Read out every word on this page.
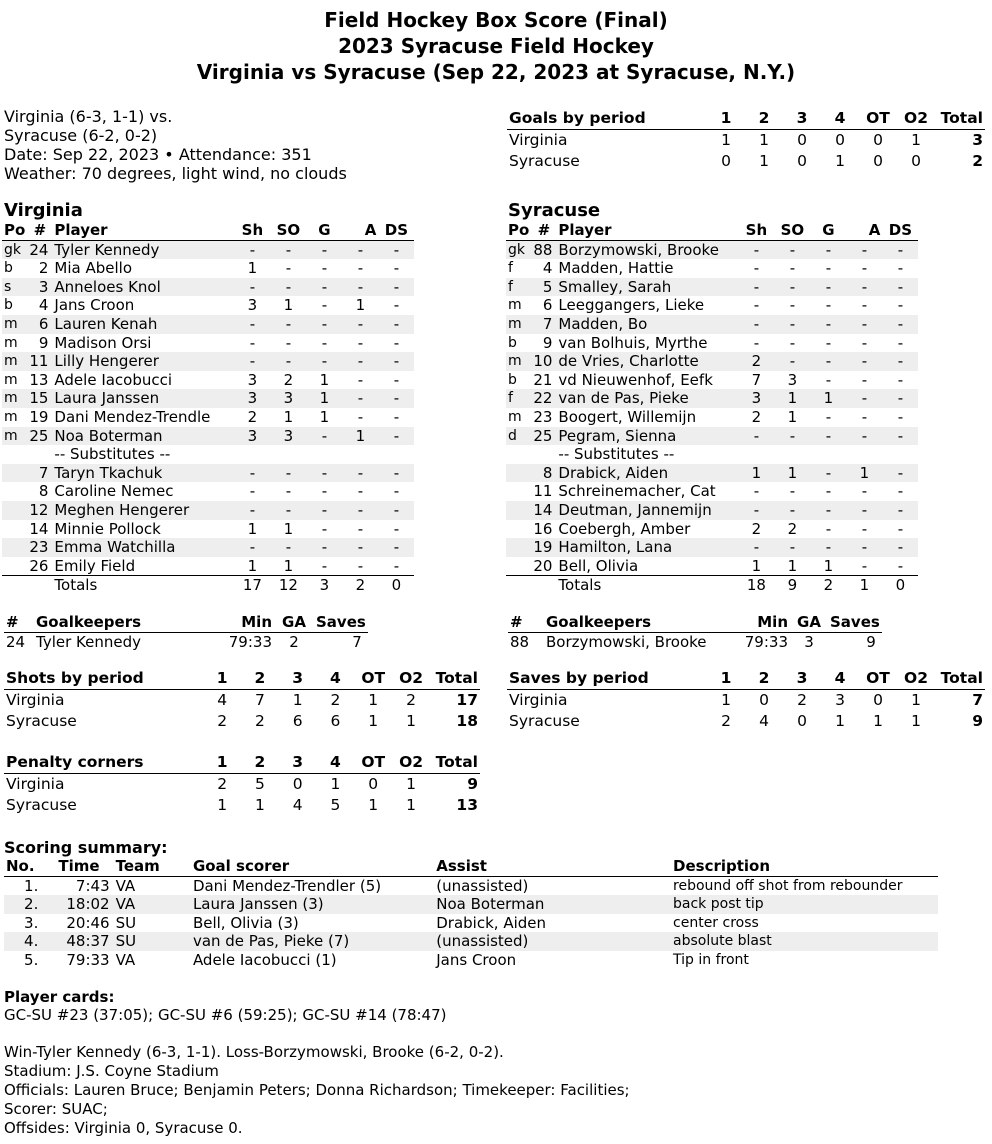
Field Hockey Box Score (Final)
2023 Syracuse Field Hockey
Virginia vs Syracuse (Sep 22, 2023 at Syracuse, N.Y.)
Virginia (6-3, 1-1) vs.
Syracuse (6-2, 0-2)
Date: Sep 22, 2023 • Attendance: 351
Weather: 70 degrees, light wind, no clouds
Goals by period	1	2	3	4	OT	O2	Total
Virginia	1	1	0	0	0	1	3
Syracuse	0	1	0	1	0	0	2
Shots by period	1	2	3	4	OT	O2	Total
Virginia	4	7	1	2	1	2	17
Syracuse	2	2	6	6	1	1	18
Saves by period	1	2	3	4	OT	O2	Total
Virginia	1	0	2	3	0	1	7
Syracuse	2	4	0	1	1	1	9
Penalty corners	1	2	3	4	OT	O2	Total
Virginia	2	5	0	1	0	1	9
Syracuse	1	1	4	5	1	1	13
Virginia	Syracuse
Po	#	Player	Sh	SO	G	A	DS
gk	24	Tyler Kennedy	-	-	-	-	-
b	2	Mia Abello	1	-	-	-	-
s	3	Anneloes Knol	-	-	-	-	-
b	4	Jans Croon	3	1	-	1	-
m	6	Lauren Kenah	-	-	-	-	-
m	9	Madison Orsi	-	-	-	-	-
m	11	Lilly Hengerer	-	-	-	-	-
m	13	Adele Iacobucci	3	2	1	-	-
m	15	Laura Janssen	3	3	1	-	-
m	19	Dani Mendez-Trendle	2	1	1	-	-
m	25	Noa Boterman	3	3	-	1	-
		-- Substitutes --					
	7	Taryn Tkachuk	-	-	-	-	-
	8	Caroline Nemec	-	-	-	-	-
	12	Meghen Hengerer	-	-	-	-	-
	14	Minnie Pollock	1	1	-	-	-
	23	Emma Watchilla	-	-	-	-	-
	26	Emily Field	1	1	-	-	-
		Totals	17	12	3	2	0
Po	#	Player	Sh	SO	G	A	DS
gk	88	Borzymowski, Brooke	-	-	-	-	-
f	4	Madden, Hattie	-	-	-	-	-
f	5	Smalley, Sarah	-	-	-	-	-
m	6	Leeggangers, Lieke	-	-	-	-	-
m	7	Madden, Bo	-	-	-	-	-
b	9	van Bolhuis, Myrthe	-	-	-	-	-
m	10	de Vries, Charlotte	2	-	-	-	-
b	21	vd Nieuwenhof, Eefk	7	3	-	-	-
f	22	van de Pas, Pieke	3	1	1	-	-
m	23	Boogert, Willemijn	2	1	-	-	-
d	25	Pegram, Sienna	-	-	-	-	-
		-- Substitutes --					
	8	Drabick, Aiden	1	1	-	1	-
	11	Schreinemacher, Cat	-	-	-	-	-
	14	Deutman, Jannemijn	-	-	-	-	-
	16	Coebergh, Amber	2	2	-	-	-
	19	Hamilton, Lana	-	-	-	-	-
	20	Bell, Olivia	1	1	1	-	-
		Totals	18	9	2	1	0
#	Goalkeepers	Min	GA	Saves
24	Tyler Kennedy	79:33	2	7
#	Goalkeepers	Min	GA	Saves
88	Borzymowski, Brooke	79:33	3	9
Scoring summary:
No.	Time	Team	Goal scorer	Assist	Description
1.	7:43	VA	Dani Mendez-Trendler (5)	(unassisted)	rebound off shot from rebounder
2.	18:02	VA	Laura Janssen (3)	Noa Boterman	back post tip
3.	20:46	SU	Bell, Olivia (3)	Drabick, Aiden	center cross
4.	48:37	SU	van de Pas, Pieke (7)	(unassisted)	absolute blast
5.	79:33	VA	Adele Iacobucci (1)	Jans Croon	Tip in front
Player cards:
GC-SU #23 (37:05); GC-SU #6 (59:25); GC-SU #14 (78:47)
Win-Tyler Kennedy (6-3, 1-1). Loss-Borzymowski, Brooke (6-2, 0-2).
Stadium: J.S. Coyne Stadium
Officials: Lauren Bruce; Benjamin Peters; Donna Richardson; Timekeeper: Facilities;
Scorer: SUAC;
Offsides: Virginia 0, Syracuse 0.
